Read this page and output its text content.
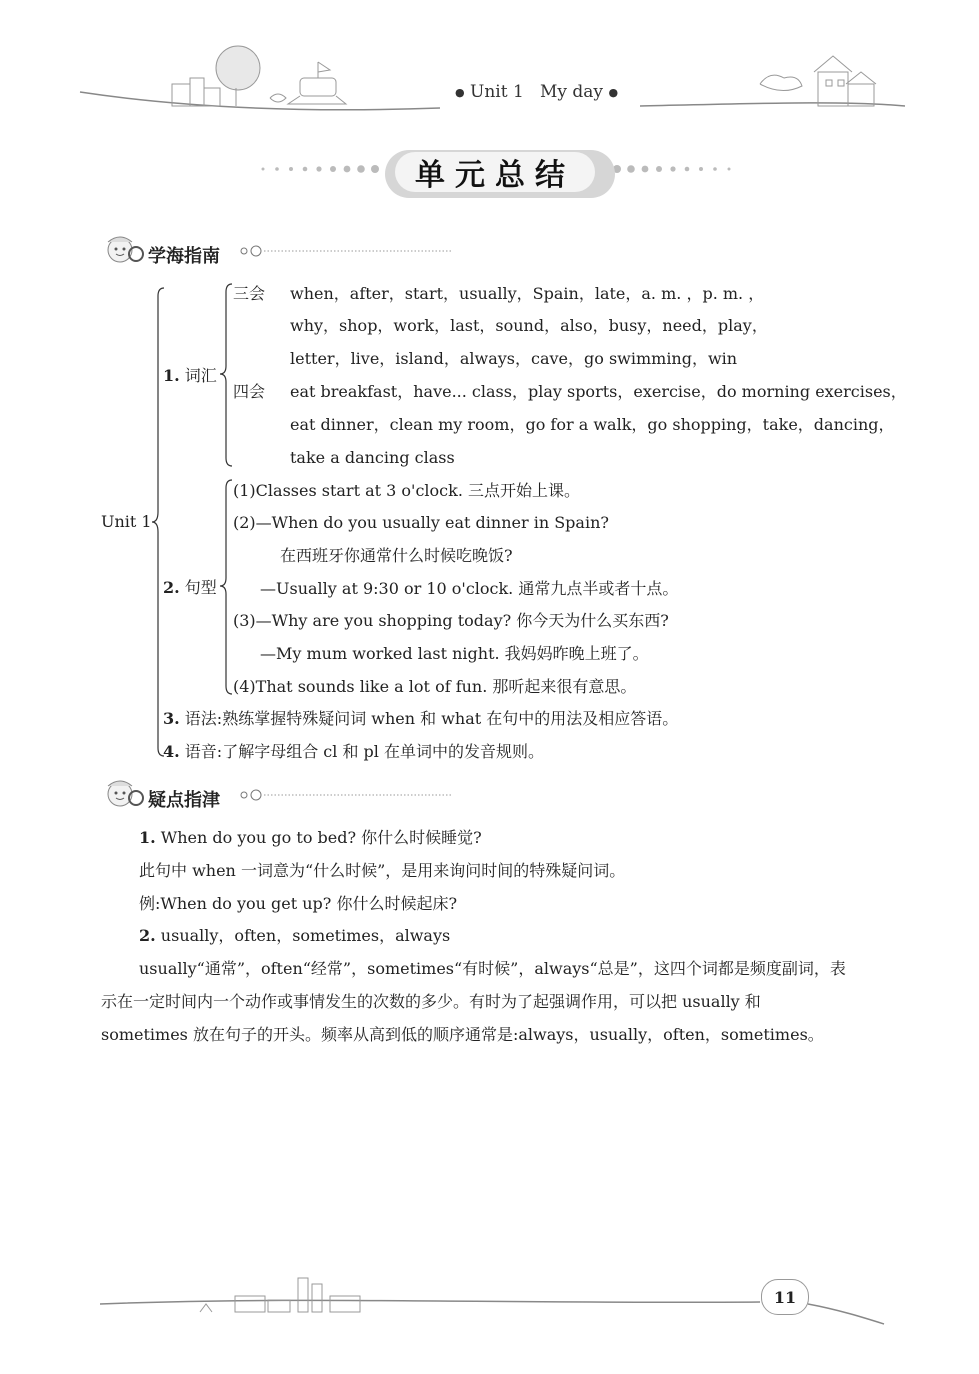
● Unit 1 My day ●
单元总结
学海指南
Unit 1
1. 词汇
三会 when，after，start，usually，Spain，late，a. m. ，p. m. ，
why，shop，work，last，sound，also，busy，need，play，
letter，live，island，always，cave，go swimming，win
四会 eat breakfast，have... class，play sports，exercise，do morning exercises，
eat dinner，clean my room，go for a walk，go shopping，take，dancing，
take a dancing class
2. 句型
(1)Classes start at 3 o'clock. 三点开始上课。
(2)—When do you usually eat dinner in Spain?
在西班牙你通常什么时候吃晚饭?
—Usually at 9:30 or 10 o'clock. 通常九点半或者十点。
(3)—Why are you shopping today? 你今天为什么买东西?
—My mum worked last night. 我妈妈昨晚上班了。
(4)That sounds like a lot of fun. 那听起来很有意思。
3. 语法:熟练掌握特殊疑问词 when 和 what 在句中的用法及相应答语。
4. 语音:了解字母组合 cl 和 pl 在单词中的发音规则。
疑点指津
1. When do you go to bed? 你什么时候睡觉?
此句中 when 一词意为“什么时候”，是用来询问时间的特殊疑问词。
例:When do you get up? 你什么时候起床?
2. usually，often，sometimes，always
usually“通常”，often“经常”，sometimes“有时候”，always“总是”，这四个词都是频度副词，表
示在一定时间内一个动作或事情发生的次数的多少。有时为了起强调作用，可以把 usually 和
sometimes 放在句子的开头。频率从高到低的顺序通常是:always，usually，often，sometimes。
11
